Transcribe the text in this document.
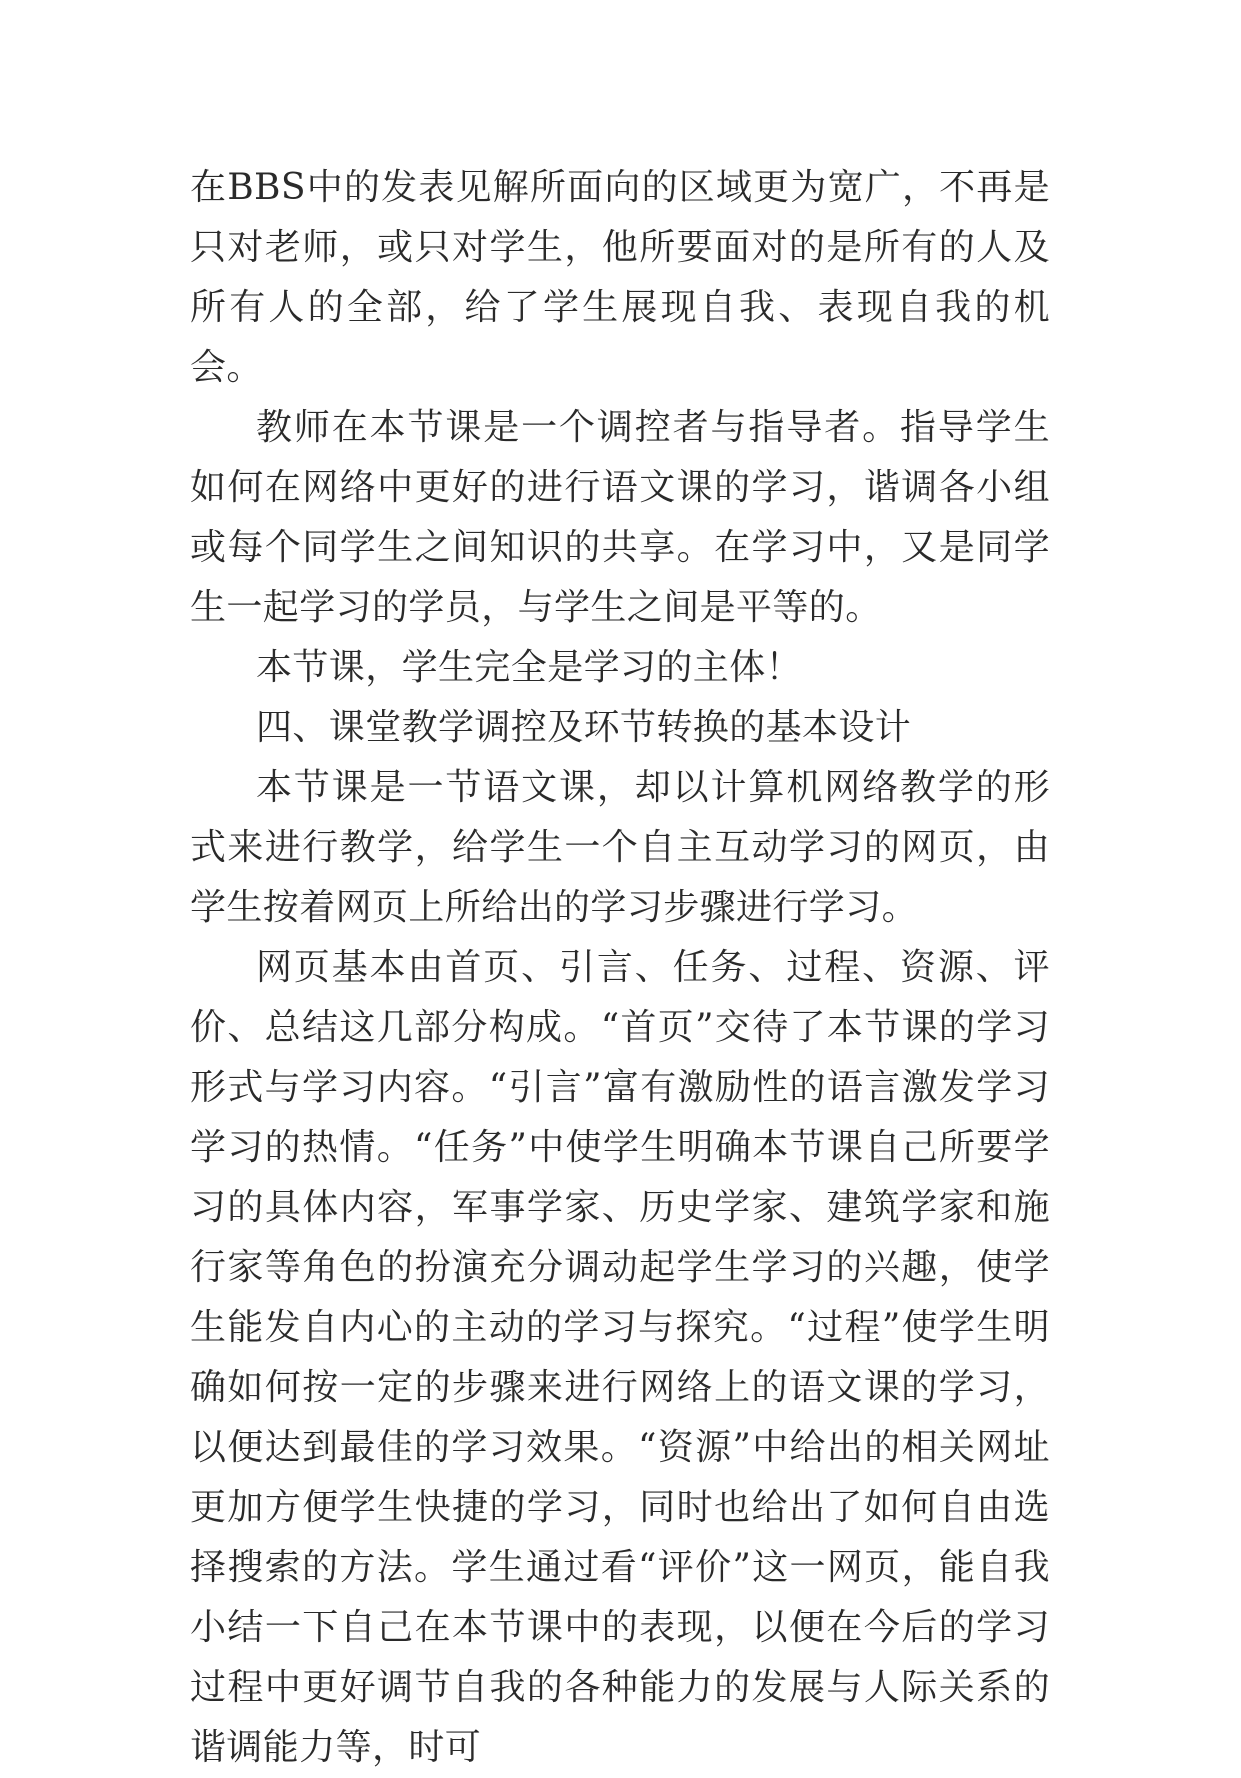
在BBS中的发表见解所面向的区域更为宽广，不再是只对老师，或只对学生，他所要面对的是所有的人及所有人的全部，给了学生展现自我、表现自我的机会。

教师在本节课是一个调控者与指导者。指导学生如何在网络中更好的进行语文课的学习，谐调各小组或每个同学生之间知识的共享。在学习中，又是同学生一起学习的学员，与学生之间是平等的。

本节课，学生完全是学习的主体！

四、课堂教学调控及环节转换的基本设计

本节课是一节语文课，却以计算机网络教学的形式来进行教学，给学生一个自主互动学习的网页，由学生按着网页上所给出的学习步骤进行学习。

网页基本由首页、引言、任务、过程、资源、评价、总结这几部分构成。“首页”交待了本节课的学习形式与学习内容。“引言”富有激励性的语言激发学习学习的热情。“任务”中使学生明确本节课自己所要学习的具体内容，军事学家、历史学家、建筑学家和施行家等角色的扮演充分调动起学生学习的兴趣，使学生能发自内心的主动的学习与探究。“过程”使学生明确如何按一定的步骤来进行网络上的语文课的学习，以便达到最佳的学习效果。“资源”中给出的相关网址更加方便学生快捷的学习，同时也给出了如何自由选择搜索的方法。学生通过看“评价”这一网页，能自我小结一下自己在本节课中的表现，以便在今后的学习过程中更好调节自我的各种能力的发展与人际关系的谐调能力等，时可
